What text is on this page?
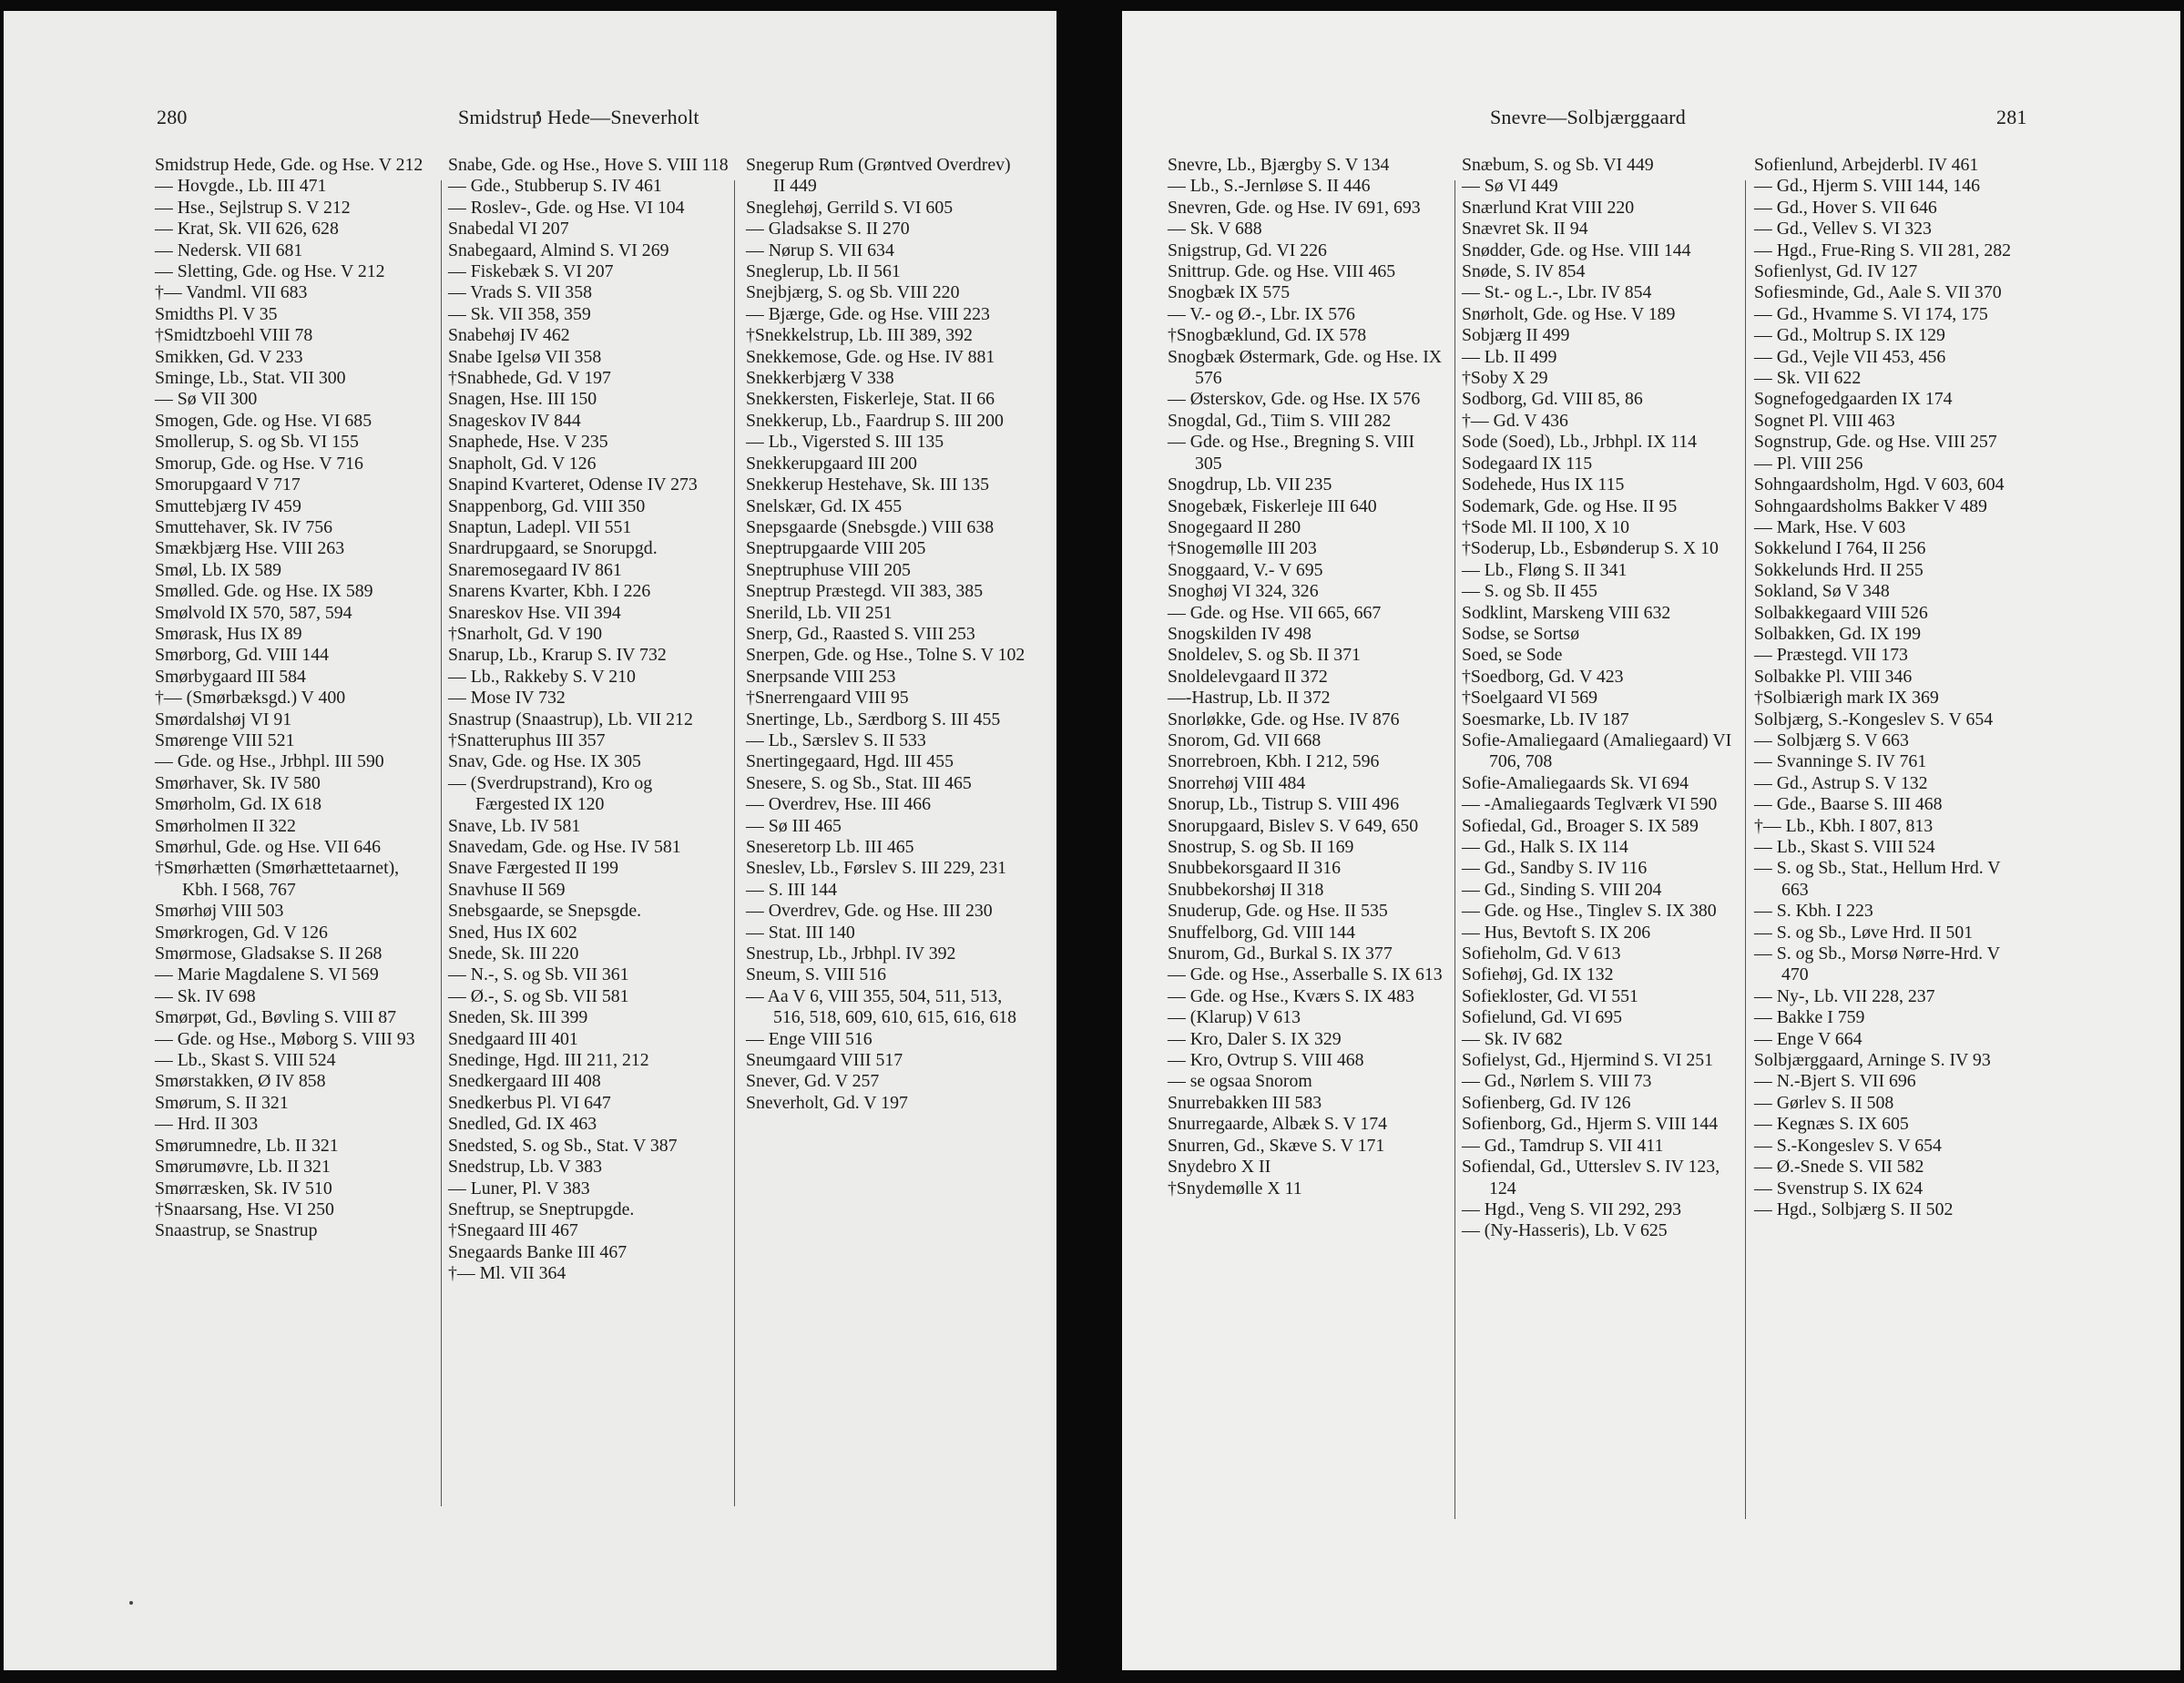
280	Smidstrup Hede—Sneverholt
Smidstrup Hede, Gde. og Hse. V 212
— Hovgde., Lb. III 471
— Hse., Sejlstrup S. V 212
— Krat, Sk. VII 626, 628
— Nedersk. VII 681
— Sletting, Gde. og Hse. V 212
†— Vandml. VII 683
Smidths Pl. V 35
†Smidtzboehl VIII 78
Smikken, Gd. V 233
Sminge, Lb., Stat. VII 300
— Sø VII 300
Smogen, Gde. og Hse. VI 685
Smollerup, S. og Sb. VI 155
Smorup, Gde. og Hse. V 716
Smorupgaard V 717
Smuttebjærg IV 459
Smuttehaver, Sk. IV 756
Smækbjærg Hse. VIII 263
Smøl, Lb. IX 589
Smølled. Gde. og Hse. IX 589
Smølvold IX 570, 587, 594
Smørask, Hus IX 89
Smørborg, Gd. VIII 144
Smørbygaard III 584
†— (Smørbæksgd.) V 400
Smørdalshøj VI 91
Smørenge VIII 521
— Gde. og Hse., Jrbhpl. III 590
Smørhaver, Sk. IV 580
Smørholm, Gd. IX 618
Smørholmen II 322
Smørhul, Gde. og Hse. VII 646
†Smørhætten (Smørhættetaarnet), Kbh. I 568, 767
Smørhøj VIII 503
Smørkrogen, Gd. V 126
Smørmose, Gladsakse S. II 268
— Marie Magdalene S. VI 569
— Sk. IV 698
Smørpøt, Gd., Bøvling S. VIII 87
— Gde. og Hse., Møborg S. VIII 93
— Lb., Skast S. VIII 524
Smørstakken, Ø IV 858
Smørum, S. II 321
— Hrd. II 303
Smørumnedre, Lb. II 321
Smørumøvre, Lb. II 321
Smørræsken, Sk. IV 510
†Snaarsang, Hse. VI 250
Snaastrup, se Snastrup
Snabe, Gde. og Hse., Hove S. VIII 118
— Gde., Stubberup S. IV 461
— Roslev-, Gde. og Hse. VI 104
Snabedal VI 207
Snabegaard, Almind S. VI 269
— Fiskebæk S. VI 207
— Vrads S. VII 358
— Sk. VII 358, 359
Snabehøj IV 462
Snabe Igelsø VII 358
†Snabhede, Gd. V 197
Snagen, Hse. III 150
Snageskov IV 844
Snaphede, Hse. V 235
Snapholt, Gd. V 126
Snapind Kvarteret, Odense IV 273
Snappenborg, Gd. VIII 350
Snaptun, Ladepl. VII 551
Snardrupgaard, se Snorupgd.
Snaremosegaard IV 861
Snarens Kvarter, Kbh. I 226
Snareskov Hse. VII 394
†Snarholt, Gd. V 190
Snarup, Lb., Krarup S. IV 732
— Lb., Rakkeby S. V 210
— Mose IV 732
Snastrup (Snaastrup), Lb. VII 212
†Snatteruphus III 357
Snav, Gde. og Hse. IX 305
— (Sverdrupstrand), Kro og Færgested IX 120
Snave, Lb. IV 581
Snavedam, Gde. og Hse. IV 581
Snave Færgested II 199
Snavhuse II 569
Snebsgaarde, se Snepsgde.
Sned, Hus IX 602
Snede, Sk. III 220
— N.-, S. og Sb. VII 361
— Ø.-, S. og Sb. VII 581
Sneden, Sk. III 399
Snedgaard III 401
Snedinge, Hgd. III 211, 212
Snedkergaard III 408
Snedkerbus Pl. VI 647
Snedled, Gd. IX 463
Snedsted, S. og Sb., Stat. V 387
Snedstrup, Lb. V 383
— Luner, Pl. V 383
Sneftrup, se Sneptrupgde.
†Snegaard III 467
Snegaards Banke III 467
†— Ml. VII 364
Snegerup Rum (Grøntved Overdrev) II 449
Sneglehøj, Gerrild S. VI 605
— Gladsakse S. II 270
— Nørup S. VII 634
Sneglerup, Lb. II 561
Snejbjærg, S. og Sb. VIII 220
— Bjærge, Gde. og Hse. VIII 223
†Snekkelstrup, Lb. III 389, 392
Snekkemose, Gde. og Hse. IV 881
Snekkerbjærg V 338
Snekkersten, Fiskerleje, Stat. II 66
Snekkerup, Lb., Faardrup S. III 200
— Lb., Vigersted S. III 135
Snekkerupgaard III 200
Snekkerup Hestehave, Sk. III 135
Snelskær, Gd. IX 455
Snepsgaarde (Snebsgde.) VIII 638
Sneptrupgaarde VIII 205
Sneptruphuse VIII 205
Sneptrup Præstegd. VII 383, 385
Snerild, Lb. VII 251
Snerp, Gd., Raasted S. VIII 253
Snerpen, Gde. og Hse., Tolne S. V 102
Snerpsande VIII 253
†Snerrengaard VIII 95
Snertinge, Lb., Særdborg S. III 455
— Lb., Særslev S. II 533
Snertingegaard, Hgd. III 455
Snesere, S. og Sb., Stat. III 465
— Overdrev, Hse. III 466
— Sø III 465
Sneseretorp Lb. III 465
Sneslev, Lb., Førslev S. III 229, 231
— S. III 144
— Overdrev, Gde. og Hse. III 230
— Stat. III 140
Snestrup, Lb., Jrbhpl. IV 392
Sneum, S. VIII 516
— Aa V 6, VIII 355, 504, 511, 513, 516, 518, 609, 610, 615, 616, 618
— Enge VIII 516
Sneumgaard VIII 517
Snever, Gd. V 257
Sneverholt, Gd. V 197
Snevre—Solbjærggaard	281
Snevre, Lb., Bjærgby S. V 134
— Lb., S.-Jernløse S. II 446
Snevren, Gde. og Hse. IV 691, 693
— Sk. V 688
Snigstrup, Gd. VI 226
Snittrup. Gde. og Hse. VIII 465
Snogbæk IX 575
— V.- og Ø.-, Lbr. IX 576
†Snogbæklund, Gd. IX 578
Snogbæk Østermark, Gde. og Hse. IX 576
— Østerskov, Gde. og Hse. IX 576
Snogdal, Gd., Tiim S. VIII 282
— Gde. og Hse., Bregning S. VIII 305
Snogdrup, Lb. VII 235
Snogebæk, Fiskerleje III 640
Snogegaard II 280
†Snogemølle III 203
Snoggaard, V.- V 695
Snoghøj VI 324, 326
— Gde. og Hse. VII 665, 667
Snogskilden IV 498
Snoldelev, S. og Sb. II 371
Snoldelevgaard II 372
—-Hastrup, Lb. II 372
Snorløkke, Gde. og Hse. IV 876
Snorom, Gd. VII 668
Snorrebroen, Kbh. I 212, 596
Snorrehøj VIII 484
Snorup, Lb., Tistrup S. VIII 496
Snorupgaard, Bislev S. V 649, 650
Snostrup, S. og Sb. II 169
Snubbekorsgaard II 316
Snubbekorshøj II 318
Snuderup, Gde. og Hse. II 535
Snuffelborg, Gd. VIII 144
Snurom, Gd., Burkal S. IX 377
— Gde. og Hse., Asserballe S. IX 613
— Gde. og Hse., Kværs S. IX 483
— (Klarup) V 613
— Kro, Daler S. IX 329
— Kro, Ovtrup S. VIII 468
— se ogsaa Snorom
Snurrebakken III 583
Snurregaarde, Albæk S. V 174
Snurren, Gd., Skæve S. V 171
Snydebro X II
†Snydemølle X 11
Snæbum, S. og Sb. VI 449
— Sø VI 449
Snærlund Krat VIII 220
Snævret Sk. II 94
Snødder, Gde. og Hse. VIII 144
Snøde, S. IV 854
— St.- og L.-, Lbr. IV 854
Snørholt, Gde. og Hse. V 189
Sobjærg II 499
— Lb. II 499
†Soby X 29
Sodborg, Gd. VIII 85, 86
†— Gd. V 436
Sode (Soed), Lb., Jrbhpl. IX 114
Sodegaard IX 115
Sodehede, Hus IX 115
Sodemark, Gde. og Hse. II 95
†Sode Ml. II 100, X 10
†Soderup, Lb., Esbønderup S. X 10
— Lb., Fløng S. II 341
— S. og Sb. II 455
Sodklint, Marskeng VIII 632
Sodse, se Sortsø
Soed, se Sode
†Soedborg, Gd. V 423
†Soelgaard VI 569
Soesmarke, Lb. IV 187
Sofie-Amaliegaard (Amaliegaard) VI 706, 708
Sofie-Amaliegaards Sk. VI 694
— -Amaliegaards Teglværk VI 590
Sofiedal, Gd., Broager S. IX 589
— Gd., Halk S. IX 114
— Gd., Sandby S. IV 116
— Gd., Sinding S. VIII 204
— Gde. og Hse., Tinglev S. IX 380
— Hus, Bevtoft S. IX 206
Sofieholm, Gd. V 613
Sofiehøj, Gd. IX 132
Sofiekloster, Gd. VI 551
Sofielund, Gd. VI 695
— Sk. IV 682
Sofielyst, Gd., Hjermind S. VI 251
— Gd., Nørlem S. VIII 73
Sofienberg, Gd. IV 126
Sofienborg, Gd., Hjerm S. VIII 144
— Gd., Tamdrup S. VII 411
Sofiendal, Gd., Utterslev S. IV 123, 124
— Hgd., Veng S. VII 292, 293
— (Ny-Hasseris), Lb. V 625
Sofienlund, Arbejderbl. IV 461
— Gd., Hjerm S. VIII 144, 146
— Gd., Hover S. VII 646
— Gd., Vellev S. VI 323
— Hgd., Frue-Ring S. VII 281, 282
Sofienlyst, Gd. IV 127
Sofiesminde, Gd., Aale S. VII 370
— Gd., Hvamme S. VI 174, 175
— Gd., Moltrup S. IX 129
— Gd., Vejle VII 453, 456
— Sk. VII 622
Sognefogedgaarden IX 174
Sognet Pl. VIII 463
Sognstrup, Gde. og Hse. VIII 257
— Pl. VIII 256
Sohngaardsholm, Hgd. V 603, 604
Sohngaardsholms Bakker V 489
— Mark, Hse. V 603
Sokkelund I 764, II 256
Sokkelunds Hrd. II 255
Sokland, Sø V 348
Solbakkegaard VIII 526
Solbakken, Gd. IX 199
— Præstegd. VII 173
Solbakke Pl. VIII 346
†Solbiærigh mark IX 369
Solbjærg, S.-Kongeslev S. V 654
— Solbjærg S. V 663
— Svanninge S. IV 761
— Gd., Astrup S. V 132
— Gde., Baarse S. III 468
†— Lb., Kbh. I 807, 813
— Lb., Skast S. VIII 524
— S. og Sb., Stat., Hellum Hrd. V 663
— S. Kbh. I 223
— S. og Sb., Løve Hrd. II 501
— S. og Sb., Morsø Nørre-Hrd. V 470
— Ny-, Lb. VII 228, 237
— Bakke I 759
— Enge V 664
Solbjærggaard, Arninge S. IV 93
— N.-Bjert S. VII 696
— Gørlev S. II 508
— Kegnæs S. IX 605
— S.-Kongeslev S. V 654
— Ø.-Snede S. VII 582
— Svenstrup S. IX 624
— Hgd., Solbjærg S. II 502
